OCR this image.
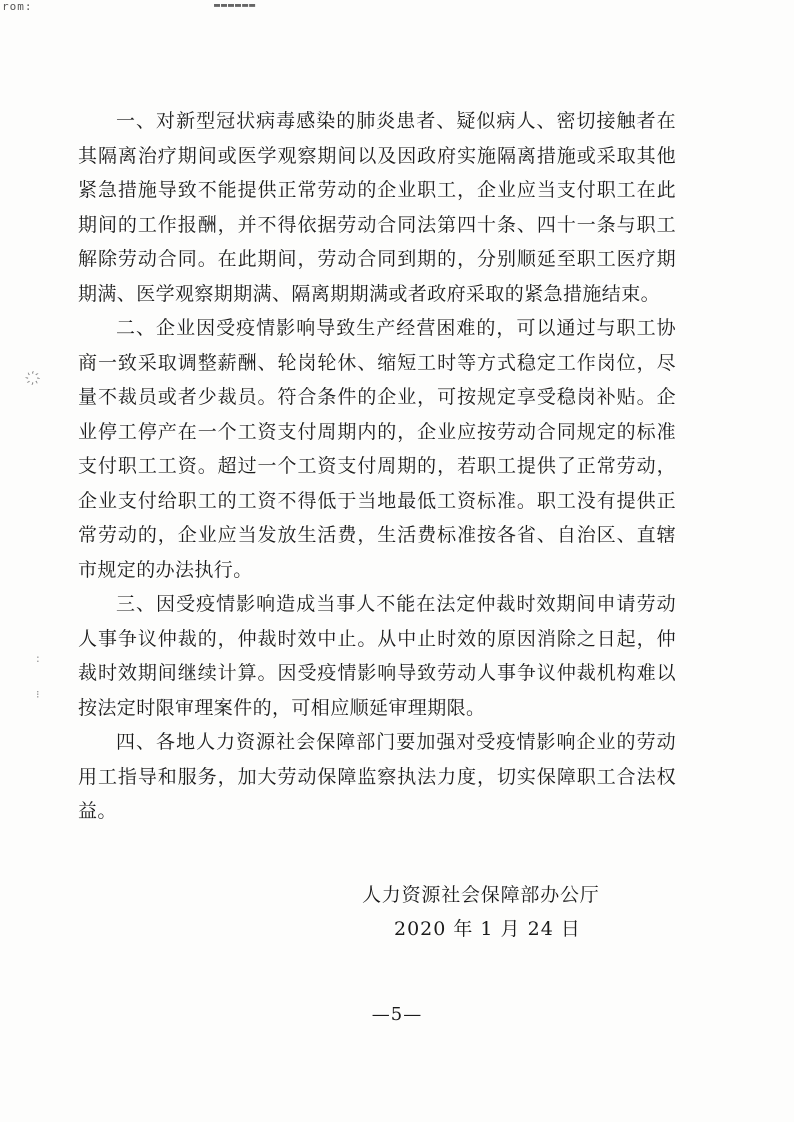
rom:	▬▬▬▬▬▬
҉
:
⁝

一、对新型冠状病毒感染的肺炎患者、疑似病人、密切接触者在其隔离治疗期间或医学观察期间以及因政府实施隔离措施或采取其他紧急措施导致不能提供正常劳动的企业职工，企业应当支付职工在此期间的工作报酬，并不得依据劳动合同法第四十条、四十一条与职工解除劳动合同。在此期间，劳动合同到期的，分别顺延至职工医疗期期满、医学观察期期满、隔离期期满或者政府采取的紧急措施结束。

二、企业因受疫情影响导致生产经营困难的，可以通过与职工协商一致采取调整薪酬、轮岗轮休、缩短工时等方式稳定工作岗位，尽量不裁员或者少裁员。符合条件的企业，可按规定享受稳岗补贴。企业停工停产在一个工资支付周期内的，企业应按劳动合同规定的标准支付职工工资。超过一个工资支付周期的，若职工提供了正常劳动，企业支付给职工的工资不得低于当地最低工资标准。职工没有提供正常劳动的，企业应当发放生活费，生活费标准按各省、自治区、直辖市规定的办法执行。

三、因受疫情影响造成当事人不能在法定仲裁时效期间申请劳动人事争议仲裁的，仲裁时效中止。从中止时效的原因消除之日起，仲裁时效期间继续计算。因受疫情影响导致劳动人事争议仲裁机构难以按法定时限审理案件的，可相应顺延审理期限。

四、各地人力资源社会保障部门要加强对受疫情影响企业的劳动用工指导和服务，加大劳动保障监察执法力度，切实保障职工合法权益。

人力资源社会保障部办公厅
2020 年 1 月 24 日
—5—
